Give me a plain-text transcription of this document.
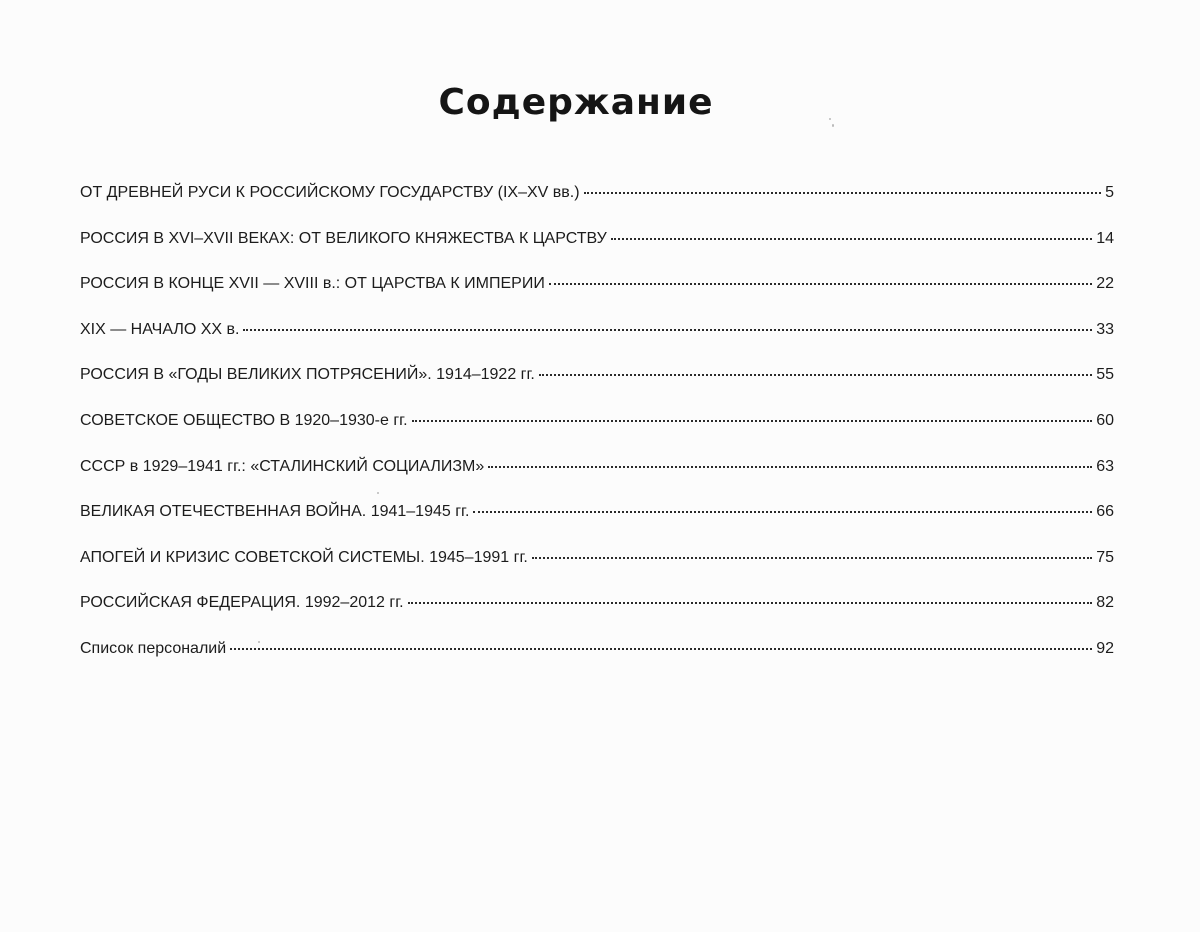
Содержание
ОТ ДРЕВНЕЙ РУСИ К РОССИЙСКОМУ ГОСУДАРСТВУ (IX–XV вв.)	5
РОССИЯ В XVI–XVII ВЕКАХ: ОТ ВЕЛИКОГО КНЯЖЕСТВА К ЦАРСТВУ	14
РОССИЯ В КОНЦЕ XVII — XVIII в.: ОТ ЦАРСТВА К ИМПЕРИИ	22
XIX — НАЧАЛО XX в.	33
РОССИЯ В «ГОДЫ ВЕЛИКИХ ПОТРЯСЕНИЙ». 1914–1922 гг.	55
СОВЕТСКОЕ ОБЩЕСТВО В 1920–1930-е гг.	60
СССР в 1929–1941 гг.: «СТАЛИНСКИЙ СОЦИАЛИЗМ»	63
ВЕЛИКАЯ ОТЕЧЕСТВЕННАЯ ВОЙНА. 1941–1945 гг.	66
АПОГЕЙ И КРИЗИС СОВЕТСКОЙ СИСТЕМЫ. 1945–1991 гг.	75
РОССИЙСКАЯ ФЕДЕРАЦИЯ. 1992–2012 гг.	82
Список персоналий	92
